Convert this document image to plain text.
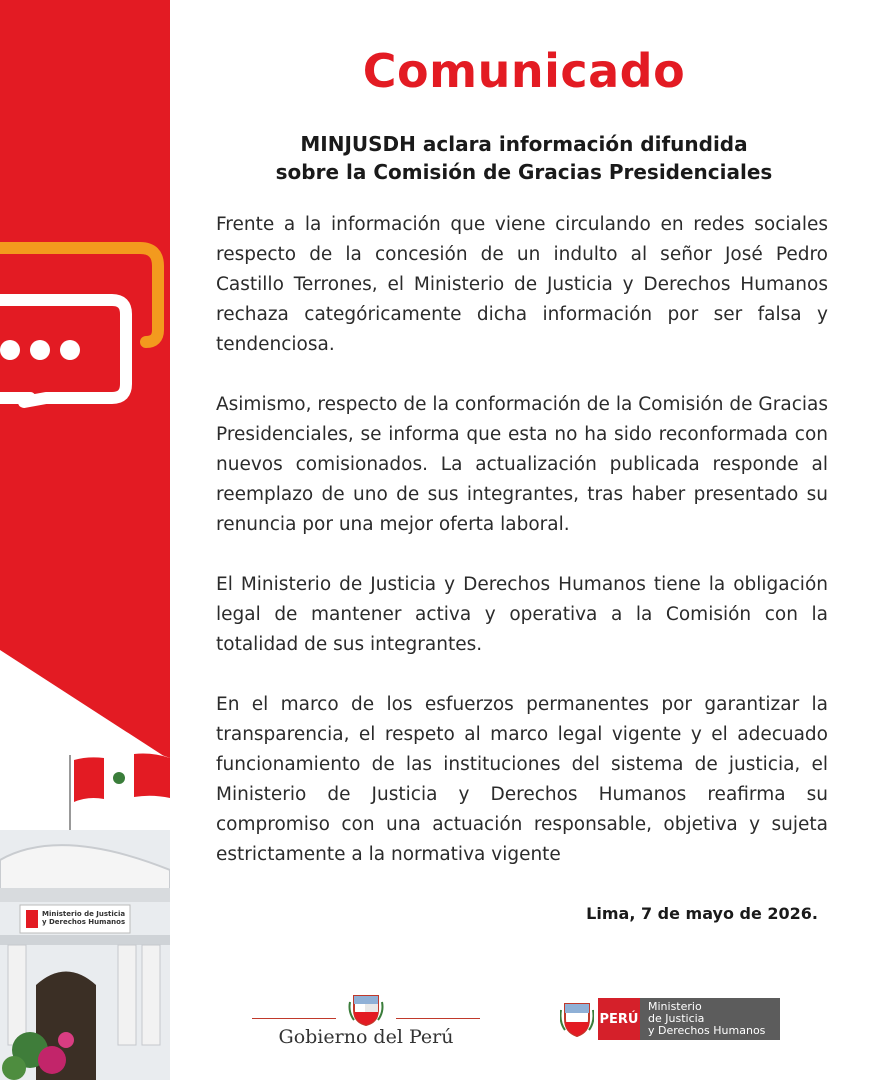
Ministerio de Justicia
y Derechos Humanos
Comunicado
MINJUSDH aclara información difundida
sobre la Comisión de Gracias Presidenciales

Frente a la información que viene circulando en redes sociales respecto de la concesión de un indulto al señor José Pedro Castillo Terrones, el Ministerio de Justicia y Derechos Humanos rechaza categóricamente dicha información por ser falsa y tendenciosa.

Asimismo, respecto de la conformación de la Comisión de Gracias Presidenciales, se informa que esta no ha sido reconformada con nuevos comisionados. La actualización publicada responde al reemplazo de uno de sus integrantes, tras haber presentado su renuncia por una mejor oferta laboral.

El Ministerio de Justicia y Derechos Humanos tiene la obligación legal de mantener activa y operativa a la Comisión con la totalidad de sus integrantes.

En el marco de los esfuerzos permanentes por garantizar la transparencia, el respeto al marco legal vigente y el adecuado funcionamiento de las instituciones del sistema de justicia, el Ministerio de Justicia y Derechos Humanos reafirma su compromiso con una actuación responsable, objetiva y sujeta estrictamente a la normativa vigente

Lima, 7 de mayo de 2026.
Gobierno del Perú
PERÚ
Ministerio
de Justicia
y Derechos Humanos
